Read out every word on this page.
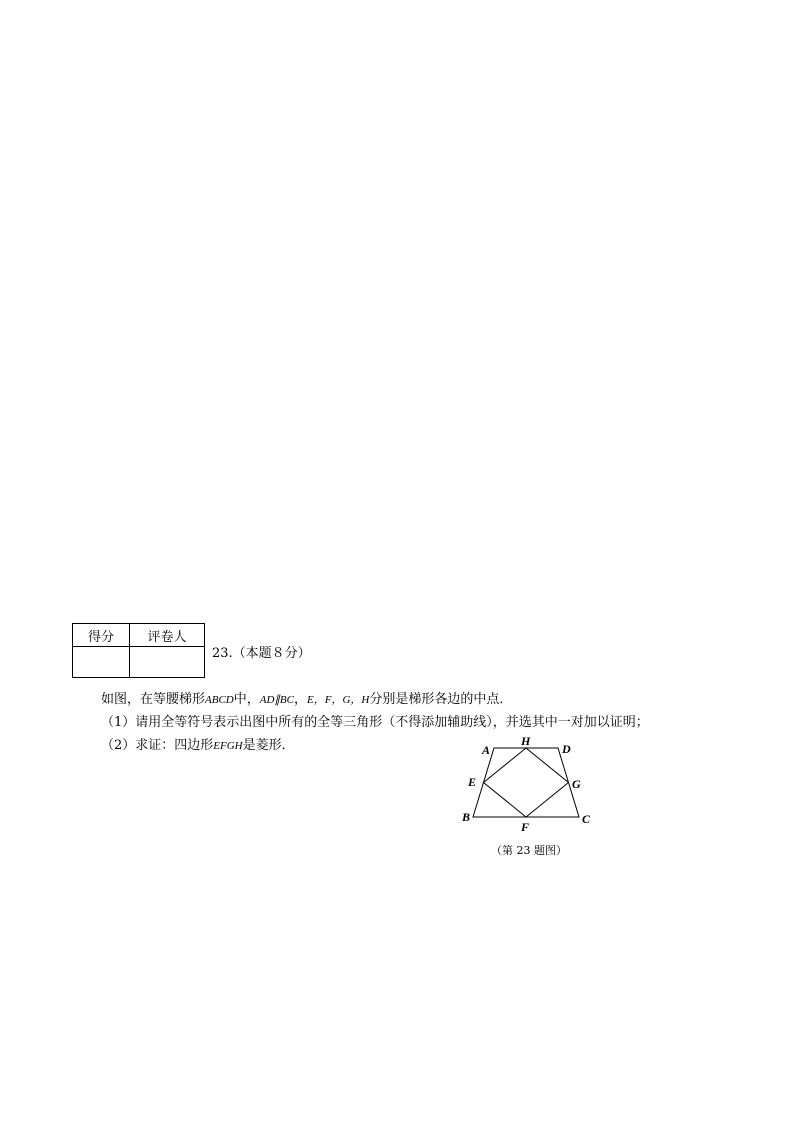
得分	评卷人

23.（本题８分）
如图，在等腰梯形ABCD中，AD∥BC，E，F，G，H分别是梯形各边的中点．
（1）请用全等符号表示出图中所有的全等三角形（不得添加辅助线），并选其中一对加以证明；
（2）求证：四边形EFGH是菱形．	A
H
D
E	G
B
F
C
（第 23 题图）
